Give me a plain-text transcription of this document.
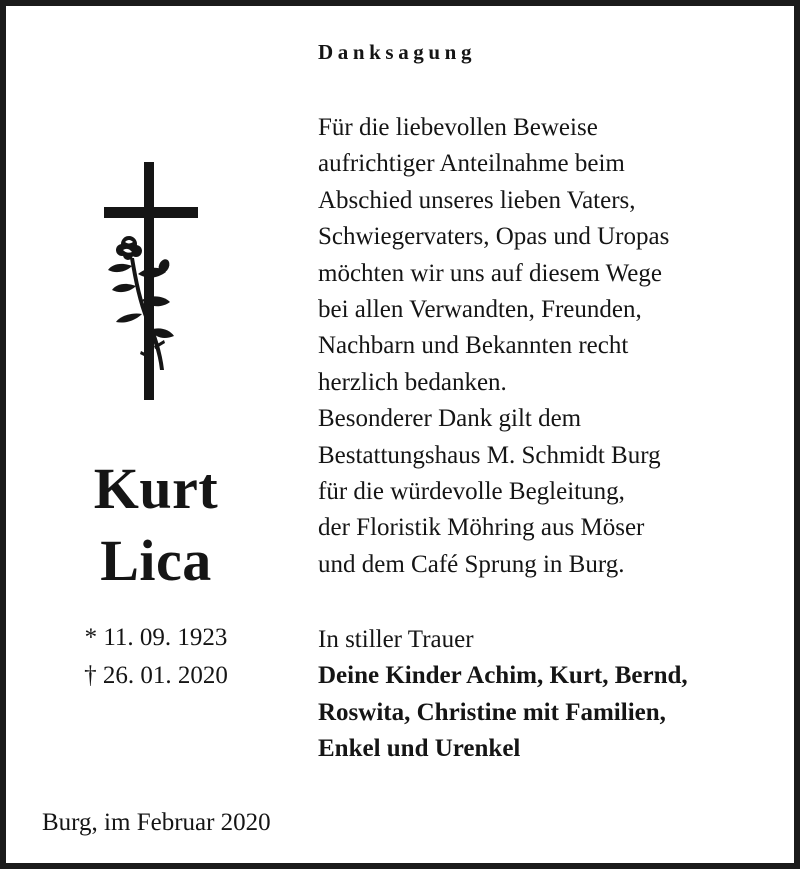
Danksagung

Für die liebevollen Beweise
aufrichtiger Anteilnahme beim
Abschied unseres lieben Vaters,
Schwiegervaters, Opas und Uropas
möchten wir uns auf diesem Wege
bei allen Verwandten, Freunden,
Nachbarn und Bekannten recht
herzlich bedanken.
Besonderer Dank gilt dem
Bestattungshaus M. Schmidt Burg
für die würdevolle Begleitung,
der Floristik Möhring aus Möser
und dem Café Sprung in Burg.

In stiller Trauer
Deine Kinder Achim, Kurt, Bernd,
Roswita, Christine mit Familien,
Enkel und Urenkel
Kurt
Lica
* 11. 09. 1923
† 26. 01. 2020
Burg, im Februar 2020
